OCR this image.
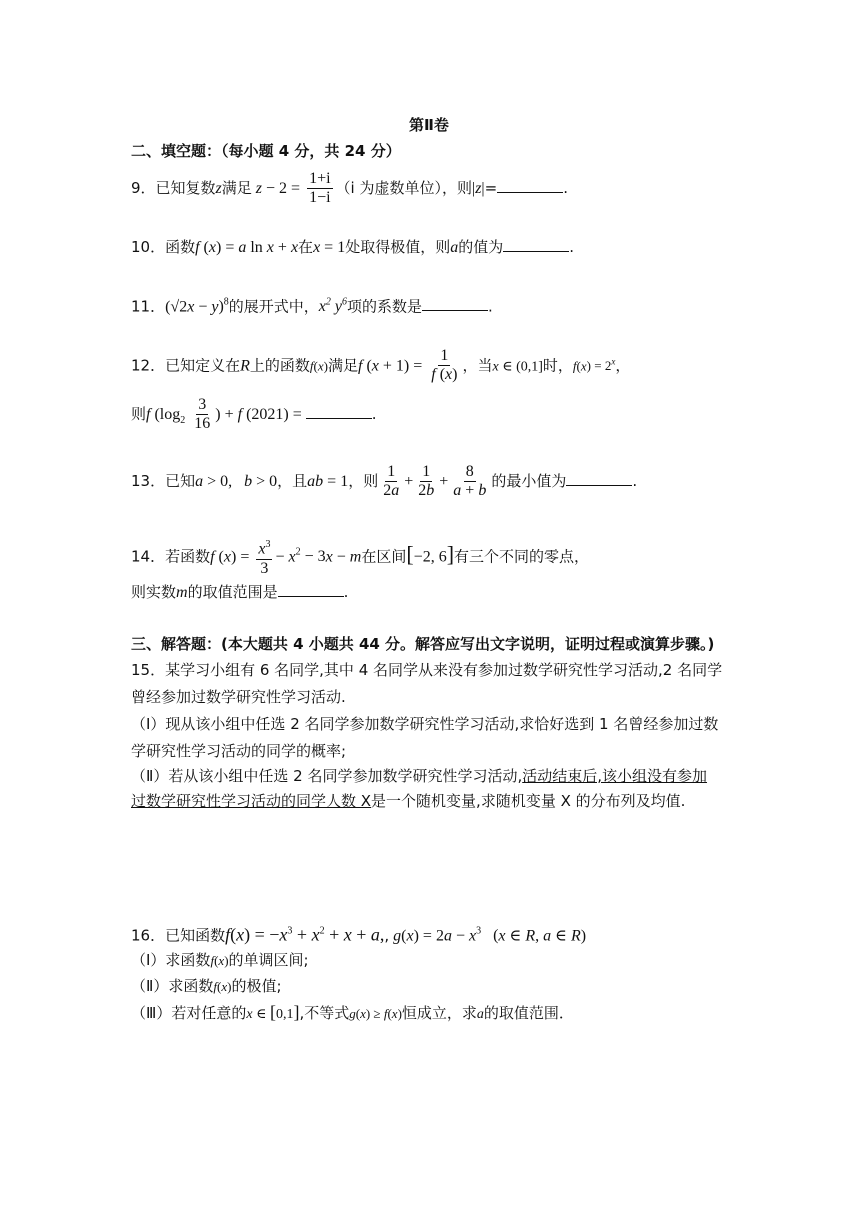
第Ⅱ卷
二、填空题：（每小题 4 分，共 24 分）
9．已知复数z满足 $z - 2 = \frac{1+i}{1-i} (i$ 为虚数单位），则|z|=	.
10．函数f (x) = a ln x + x在x = 1处取得极值，则a的值为	.
11．$(√2x - y)^8$的展开式中，$x^2$ $y^6$项的系数是	.
12．已知定义在R上的函数f(x)满足f $(x + 1) = \frac{1}{f (x)}$ ，当x ∈ (0,1]时，$f(x) = 2^x$，
则f ($\log_2 \frac{3}{16}$ ) + f (2021) =	.
13．已知a > 0,   b > 0，且ab = 1，则 $\frac{1}{2a} + \frac{1}{2b} + \frac{8}{a + b}$ 的最小值为	.
14．若函数f $(x) = \frac{x^3}{3} - x^2 - 3x - m$在区间[−2, 6]有三个不同的零点，
则实数m的取值范围是	.
三、解答题：(本大题共 4 小题共 44 分。解答应写出文字说明，证明过程或演算步骤。)
15．某学习小组有 6 名同学,其中 4 名同学从来没有参加过数学研究性学习活动,2 名同学
曾经参加过数学研究性学习活动.
（Ⅰ）现从该小组中任选 2 名同学参加数学研究性学习活动,求恰好选到 1 名曾经参加过数
学研究性学习活动的同学的概率;
（Ⅱ）若从该小组中任选 2 名同学参加数学研究性学习活动,活动结束后,该小组没有参加
过数学研究性学习活动的同学人数 X是一个随机变量,求随机变量 X 的分布列及均值.
16．已知函数$f(x) = -x^3 + x^2 + x + a$,, $g(x) = 2a - x^3$   (x ∈ R, a ∈ R)
（Ⅰ）求函数f(x)的单调区间;
（Ⅱ）求函数f(x)的极值;
（Ⅲ）若对任意的x ∈ [0,1],不等式g(x) ≥ f(x)恒成立，求a的取值范围．
